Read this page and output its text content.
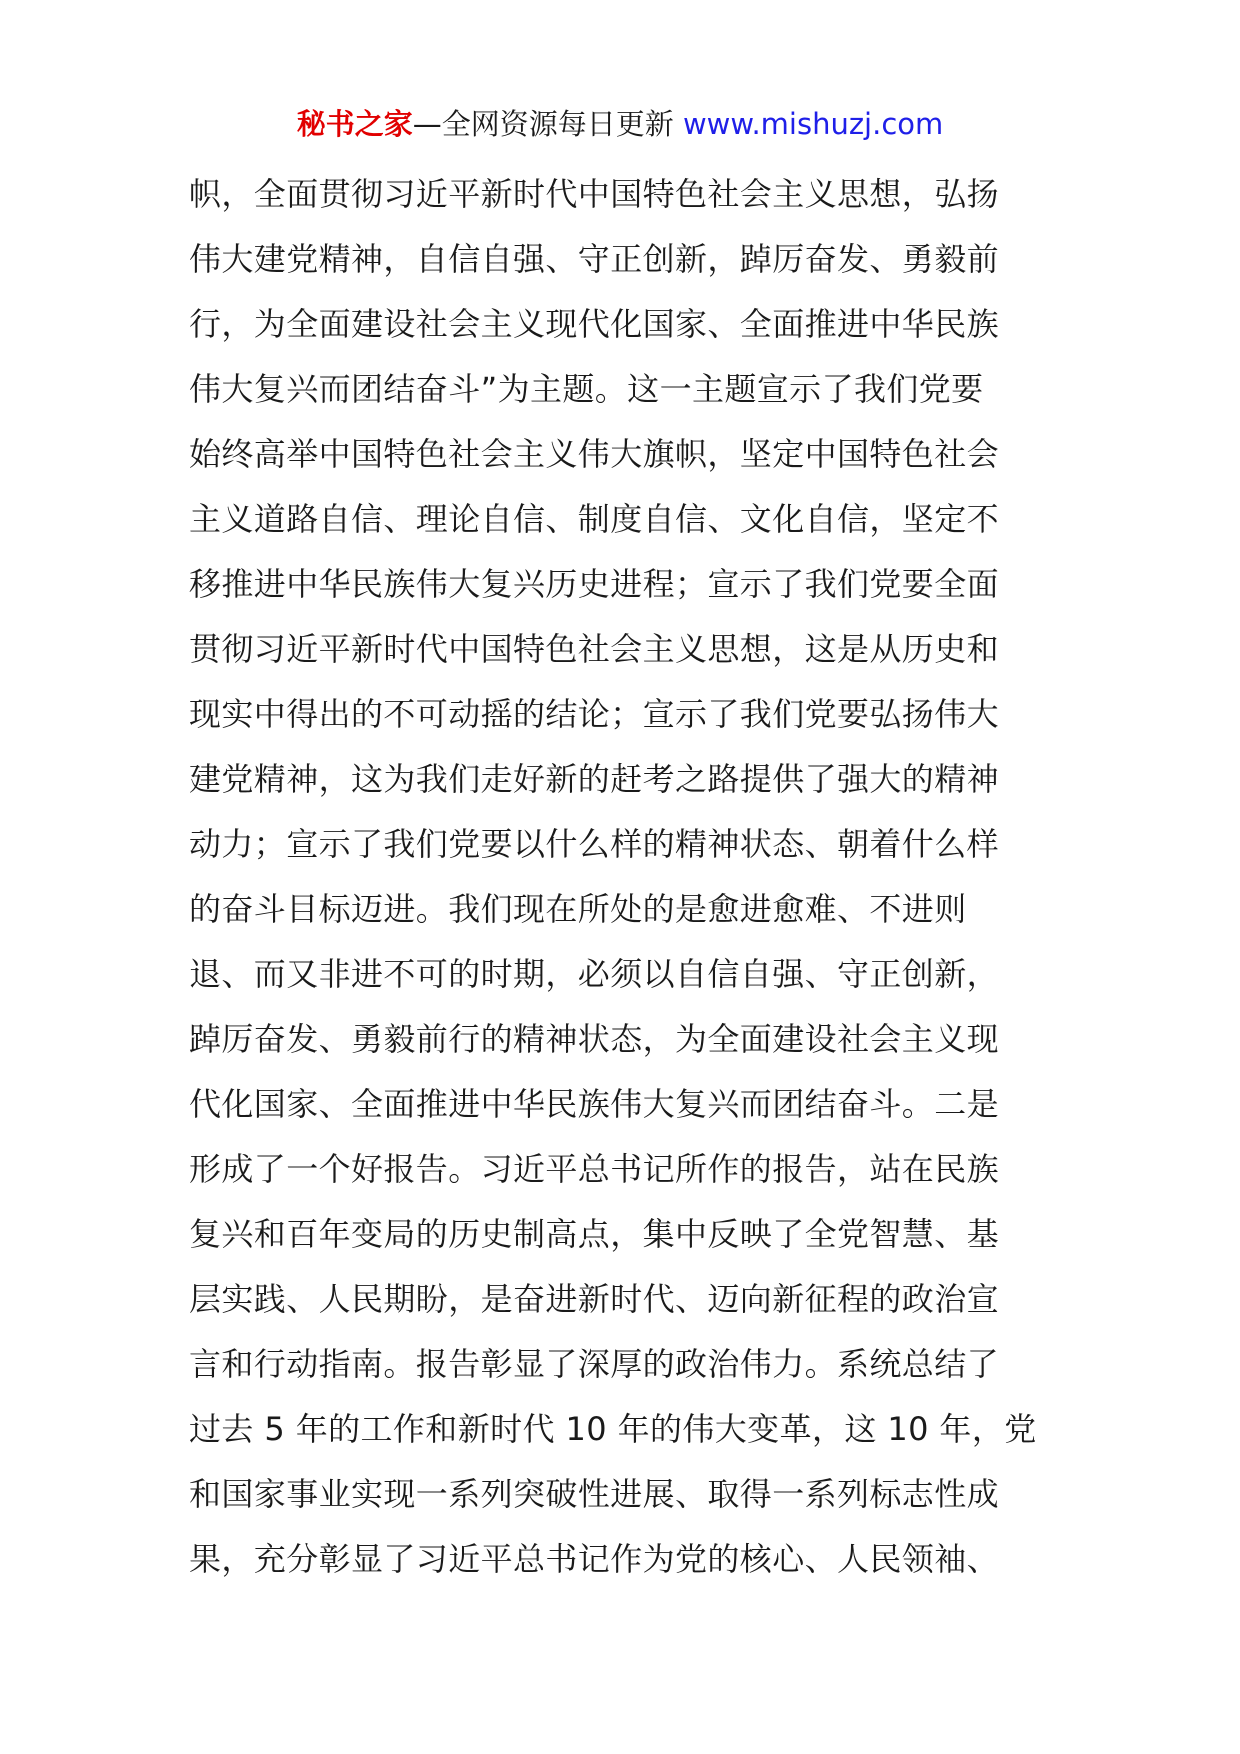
秘书之家—全网资源每日更新 www.mishuzj.com
帜，全面贯彻习近平新时代中国特色社会主义思想，弘扬
伟大建党精神，自信自强、守正创新，踔厉奋发、勇毅前
行，为全面建设社会主义现代化国家、全面推进中华民族
伟大复兴而团结奋斗”为主题。这一主题宣示了我们党要
始终高举中国特色社会主义伟大旗帜，坚定中国特色社会
主义道路自信、理论自信、制度自信、文化自信，坚定不
移推进中华民族伟大复兴历史进程；宣示了我们党要全面
贯彻习近平新时代中国特色社会主义思想，这是从历史和
现实中得出的不可动摇的结论；宣示了我们党要弘扬伟大
建党精神，这为我们走好新的赶考之路提供了强大的精神
动力；宣示了我们党要以什么样的精神状态、朝着什么样
的奋斗目标迈进。我们现在所处的是愈进愈难、不进则
退、而又非进不可的时期，必须以自信自强、守正创新，
踔厉奋发、勇毅前行的精神状态，为全面建设社会主义现
代化国家、全面推进中华民族伟大复兴而团结奋斗。二是
形成了一个好报告。习近平总书记所作的报告，站在民族
复兴和百年变局的历史制高点，集中反映了全党智慧、基
层实践、人民期盼，是奋进新时代、迈向新征程的政治宣
言和行动指南。报告彰显了深厚的政治伟力。系统总结了
过去 5 年的工作和新时代 10 年的伟大变革，这 10 年，党
和国家事业实现一系列突破性进展、取得一系列标志性成
果，充分彰显了习近平总书记作为党的核心、人民领袖、
